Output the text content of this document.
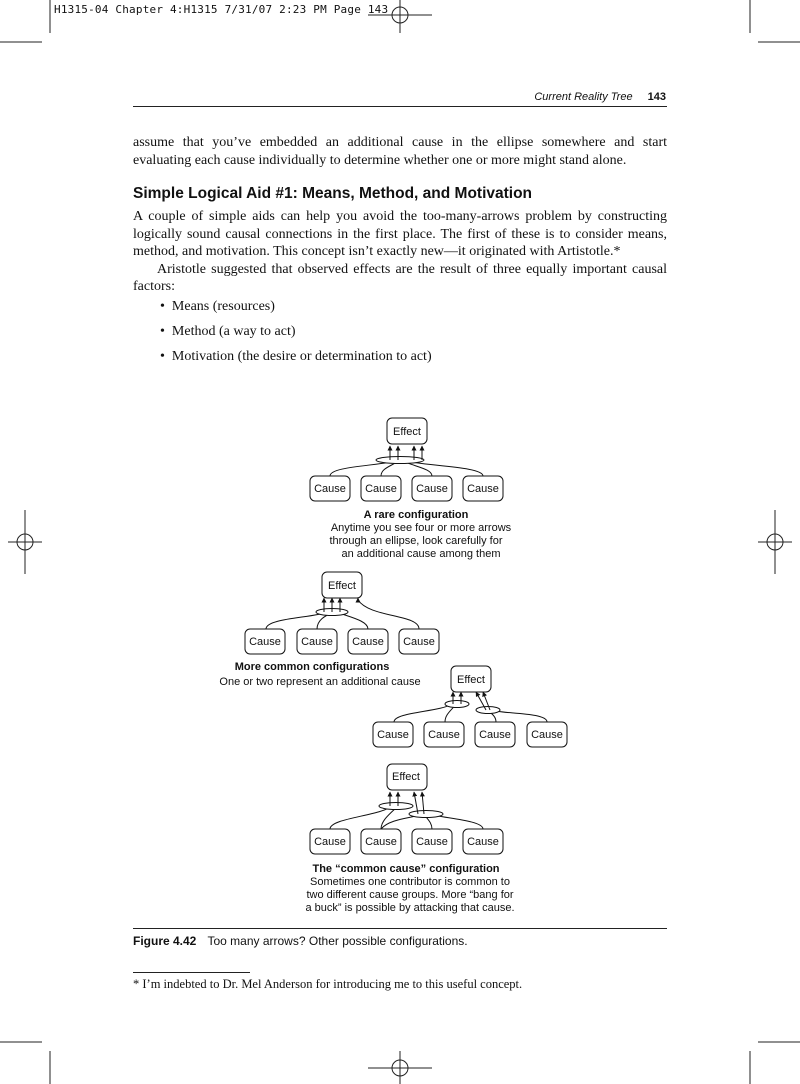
H1315-04 Chapter 4:H1315 7/31/07 2:23 PM Page 143
Current Reality Tree 143

assume that you’ve embedded an additional cause in the ellipse somewhere and start evaluating each cause individually to determine whether one or more might stand alone.

Simple Logical Aid #1: Means, Method, and Motivation

A couple of simple aids can help you avoid the too-many-arrows problem by constructing logically sound causal connections in the first place. The first of these is to consider means, method, and motivation. This concept isn’t exactly new—it originated with Artistotle.*

Aristotle suggested that observed effects are the result of three equally important causal factors:

• Means (resources)
• Method (a way to act)
• Motivation (the desire or determination to act)
Effect
Cause Cause Cause Cause
A rare configuration
Anytime you see four or more arrows
through an ellipse, look carefully for
an additional cause among them
Effect
Cause Cause Cause Cause
More common configurations
One or two represent an additional cause	Effect
Cause Cause Cause Cause
Effect
Cause Cause Cause Cause
The “common cause” configuration
Sometimes one contributor is common to
two different cause groups. More “bang for
a buck” is possible by attacking that cause.
Figure 4.42 Too many arrows? Other possible configurations.
* I’m indebted to Dr. Mel Anderson for introducing me to this useful concept.
